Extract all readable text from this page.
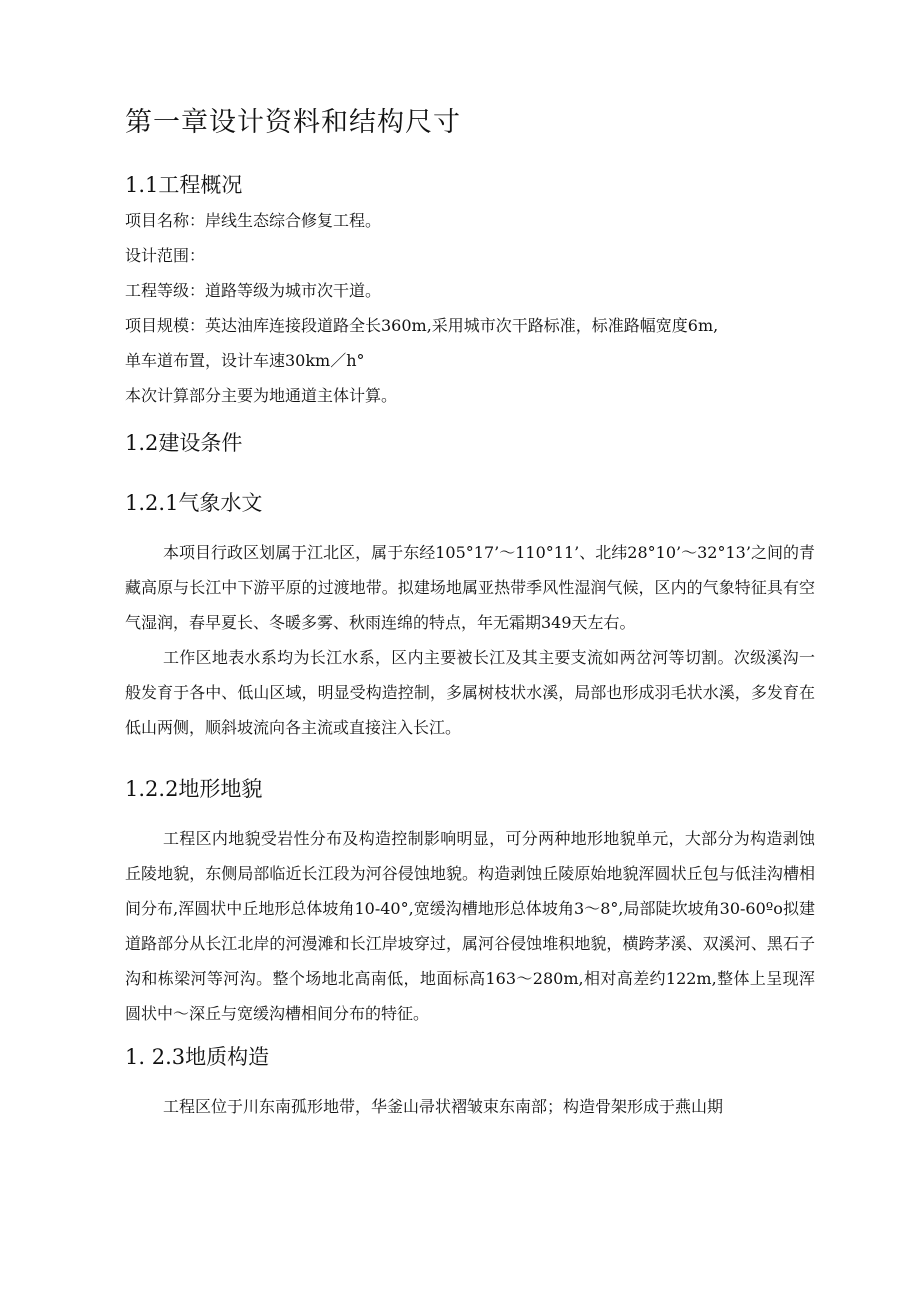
第一章设计资料和结构尺寸
1.1工程概况
项目名称：岸线生态综合修复工程。
设计范围：
工程等级：道路等级为城市次干道。
项目规模：英达油库连接段道路全长360m,采用城市次干路标准，标准路幅宽度6m,
单车道布置，设计车速30km／h°
本次计算部分主要为地通道主体计算。
1.2建设条件
1.2.1气象水文

本项目行政区划属于江北区，属于东经105°17’～110°11’、北纬28°10’～32°13’之间的青藏高原与长江中下游平原的过渡地带。拟建场地属亚热带季风性湿润气候，区内的气象特征具有空气湿润，春早夏长、冬暖多雾、秋雨连绵的特点，年无霜期349天左右。

工作区地表水系均为长江水系，区内主要被长江及其主要支流如两岔河等切割。次级溪沟一般发育于各中、低山区域，明显受构造控制，多属树枝状水溪，局部也形成羽毛状水溪，多发育在低山两侧，顺斜坡流向各主流或直接注入长江。

1.2.2地形地貌

工程区内地貌受岩性分布及构造控制影响明显，可分两种地形地貌单元，大部分为构造剥蚀丘陵地貌，东侧局部临近长江段为河谷侵蚀地貌。构造剥蚀丘陵原始地貌浑圆状丘包与低洼沟槽相间分布,浑圆状中丘地形总体坡角10-40°,宽缓沟槽地形总体坡角3～8°,局部陡坎坡角30-60ºo拟建道路部分从长江北岸的河漫滩和长江岸坡穿过，属河谷侵蚀堆积地貌，横跨茅溪、双溪河、黑石子沟和栋梁河等河沟。整个场地北高南低，地面标高163～280m,相对高差约122m,整体上呈现浑圆状中～深丘与宽缓沟槽相间分布的特征。

1. 2.3地质构造

工程区位于川东南孤形地带，华釜山帚状褶皱束东南部；构造骨架形成于燕山期
